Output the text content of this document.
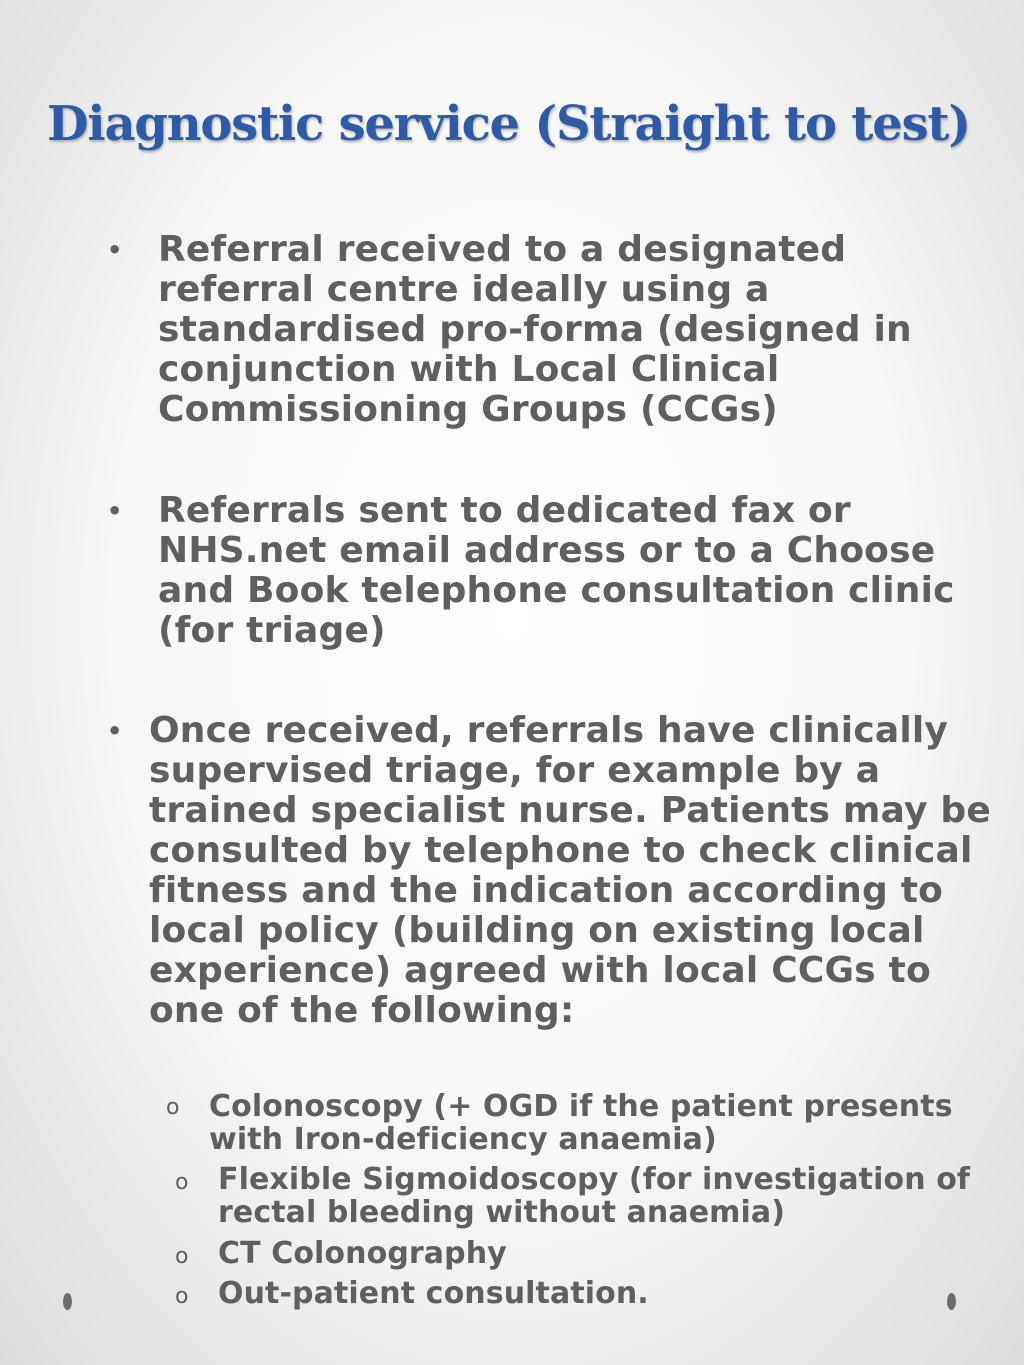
Diagnostic service (Straight to test)
• Referral received to a designated referral centre ideally using a standardised pro-forma (designed in conjunction with Local Clinical Commissioning Groups (CCGs)

• Referrals sent to dedicated fax or NHS.net email address or to a Choose and Book telephone consultation clinic (for triage)

• Once received, referrals have clinically supervised triage, for example by a trained specialist nurse. Patients may be consulted by telephone to check clinical fitness and the indication according to local policy (building on existing local experience) agreed with local CCGs to one of the following:

o Colonoscopy (+ OGD if the patient presents with Iron-deficiency anaemia)

o Flexible Sigmoidoscopy (for investigation of rectal bleeding without anaemia)

o CT Colonography

o Out-patient consultation.
